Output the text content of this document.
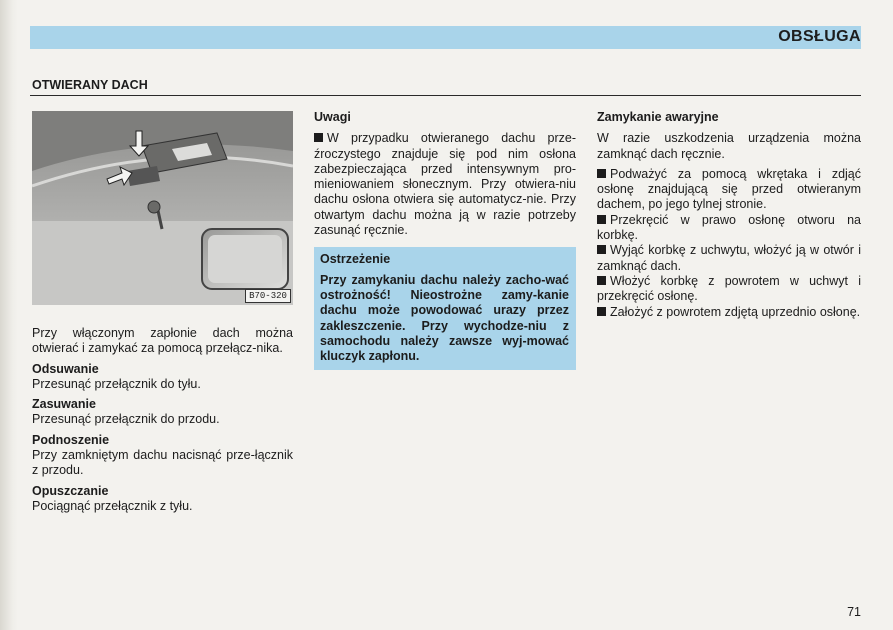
OBSŁUGA
OTWIERANY DACH
B70-320

Przy włączonym zapłonie dach można otwierać i zamykać za pomocą przełącz-nika.

Odsuwanie

Przesunąć przełącznik do tyłu.

Zasuwanie

Przesunąć przełącznik do przodu.

Podnoszenie

Przy zamkniętym dachu nacisnąć prze-łącznik z przodu.

Opuszczanie

Pociągnąć przełącznik z tyłu.

Uwagi

W przypadku otwieranego dachu prze-źroczystego znajduje się pod nim osłona zabezpieczająca przed intensywnym pro-mieniowaniem słonecznym. Przy otwiera-niu dachu osłona otwiera się automatycz-nie. Przy otwartym dachu można ją w razie potrzeby zasunąć ręcznie.

Ostrzeżenie

Przy zamykaniu dachu należy zacho-wać ostrożność! Nieostrożne zamy-kanie dachu może powodować urazy przez zakleszczenie. Przy wychodze-niu z samochodu należy zawsze wyj-mować kluczyk zapłonu.

Zamykanie awaryjne

W razie uszkodzenia urządzenia można zamknąć dach ręcznie.

Podważyć za pomocą wkrętaka i zdjąć osłonę znajdującą się przed otwieranym dachem, po jego tylnej stronie.

Przekręcić w prawo osłonę otworu na korbkę.

Wyjąć korbkę z uchwytu, włożyć ją w otwór i zamknąć dach.

Włożyć korbkę z powrotem w uchwyt i przekręcić osłonę.

Założyć z powrotem zdjętą uprzednio osłonę.

71
